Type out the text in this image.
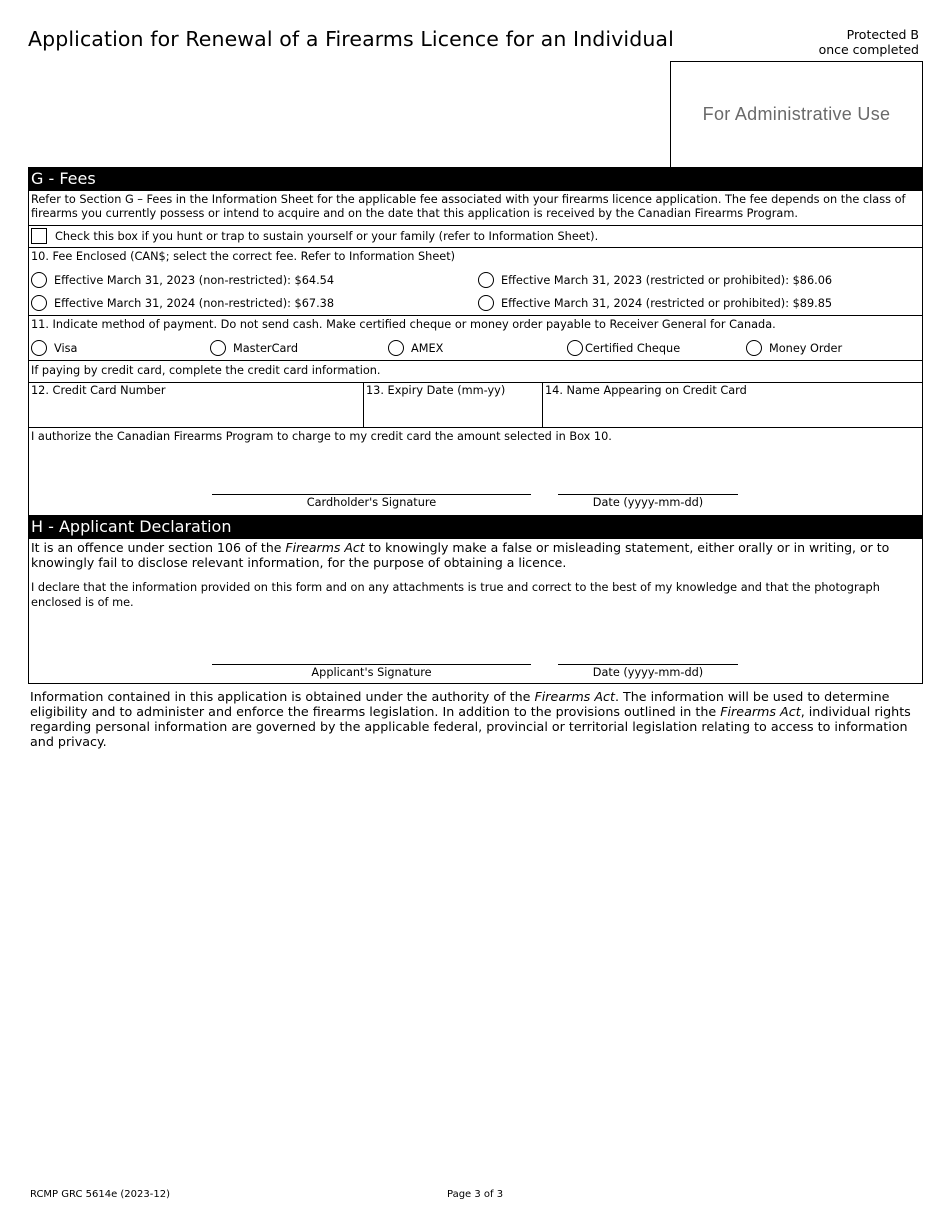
Application for Renewal of a Firearms Licence for an Individual	Protected B
once completed
For Administrative Use
G - Fees
Refer to Section G – Fees in the Information Sheet for the applicable fee associated with your firearms licence application. The fee depends on the class of firearms you currently possess or intend to acquire and on the date that this application is received by the Canadian Firearms Program.
Check this box if you hunt or trap to sustain yourself or your family (refer to Information Sheet).
10. Fee Enclosed (CAN$; select the correct fee. Refer to Information Sheet)
Effective March 31, 2023 (non-restricted): $64.54	Effective March 31, 2023 (restricted or prohibited): $86.06
Effective March 31, 2024 (non-restricted): $67.38	Effective March 31, 2024 (restricted or prohibited): $89.85
11. Indicate method of payment. Do not send cash. Make certified cheque or money order payable to Receiver General for Canada.
Visa	MasterCard	AMEX	Certified Cheque	Money Order
If paying by credit card, complete the credit card information.
12. Credit Card Number	13. Expiry Date (mm-yy)	14. Name Appearing on Credit Card
I authorize the Canadian Firearms Program to charge to my credit card the amount selected in Box 10.
Cardholder's Signature	Date (yyyy-mm-dd)
H - Applicant Declaration
It is an offence under section 106 of the Firearms Act to knowingly make a false or misleading statement, either orally or in writing, or to knowingly fail to disclose relevant information, for the purpose of obtaining a licence.
I declare that the information provided on this form and on any attachments is true and correct to the best of my knowledge and that the photograph enclosed is of me.
Applicant's Signature	Date (yyyy-mm-dd)
Information contained in this application is obtained under the authority of the Firearms Act. The information will be used to determine eligibility and to administer and enforce the firearms legislation. In addition to the provisions outlined in the Firearms Act, individual rights regarding personal information are governed by the applicable federal, provincial or territorial legislation relating to access to information and privacy.
RCMP GRC 5614e (2023-12)	Page 3 of 3
